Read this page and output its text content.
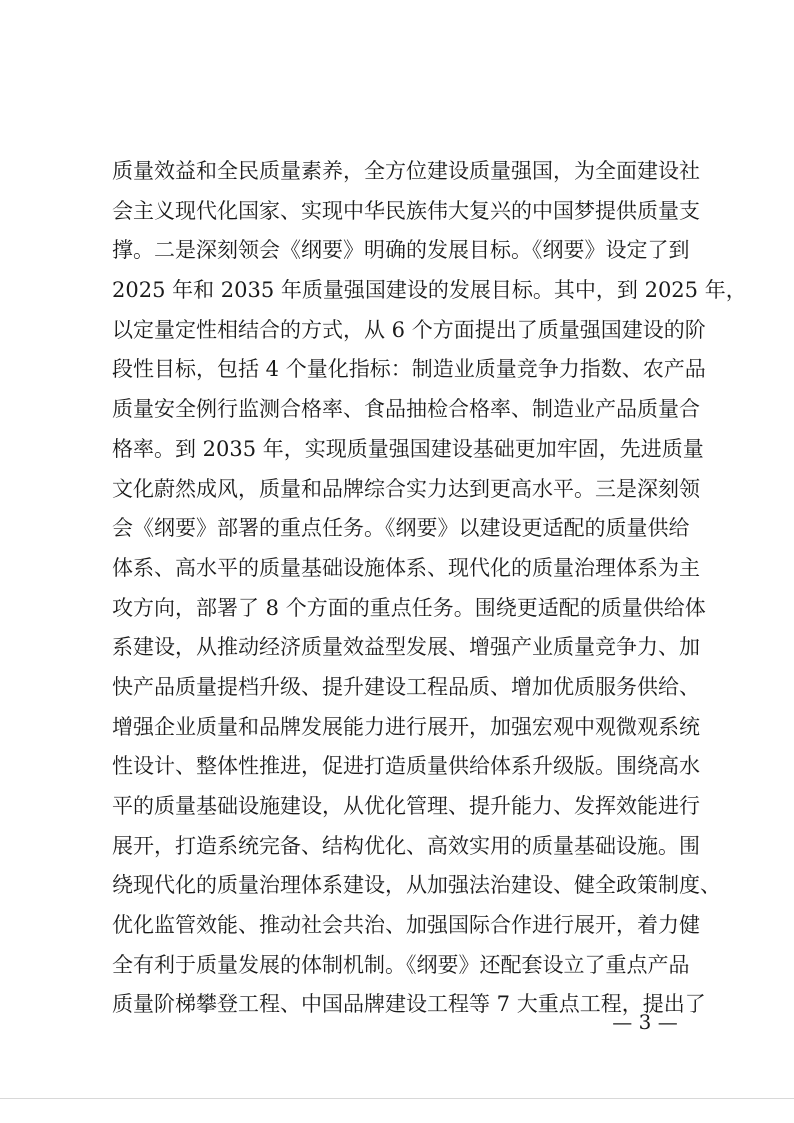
质量效益和全民质量素养，全方位建设质量强国，为全面建设社
会主义现代化国家、实现中华民族伟大复兴的中国梦提供质量支
撑。二是深刻领会《纲要》明确的发展目标。《纲要》设定了到
2025 年和 2035 年质量强国建设的发展目标。其中，到 2025 年，
以定量定性相结合的方式，从 6 个方面提出了质量强国建设的阶
段性目标，包括 4 个量化指标：制造业质量竞争力指数、农产品
质量安全例行监测合格率、食品抽检合格率、制造业产品质量合
格率。到 2035 年，实现质量强国建设基础更加牢固，先进质量
文化蔚然成风，质量和品牌综合实力达到更高水平。三是深刻领
会《纲要》部署的重点任务。《纲要》以建设更适配的质量供给
体系、高水平的质量基础设施体系、现代化的质量治理体系为主
攻方向，部署了 8 个方面的重点任务。围绕更适配的质量供给体
系建设，从推动经济质量效益型发展、增强产业质量竞争力、加
快产品质量提档升级、提升建设工程品质、增加优质服务供给、
增强企业质量和品牌发展能力进行展开，加强宏观中观微观系统
性设计、整体性推进，促进打造质量供给体系升级版。围绕高水
平的质量基础设施建设，从优化管理、提升能力、发挥效能进行
展开，打造系统完备、结构优化、高效实用的质量基础设施。围
绕现代化的质量治理体系建设，从加强法治建设、健全政策制度、
优化监管效能、推动社会共治、加强国际合作进行展开，着力健
全有利于质量发展的体制机制。《纲要》还配套设立了重点产品
质量阶梯攀登工程、中国品牌建设工程等 7 大重点工程，提出了
— 3 —
